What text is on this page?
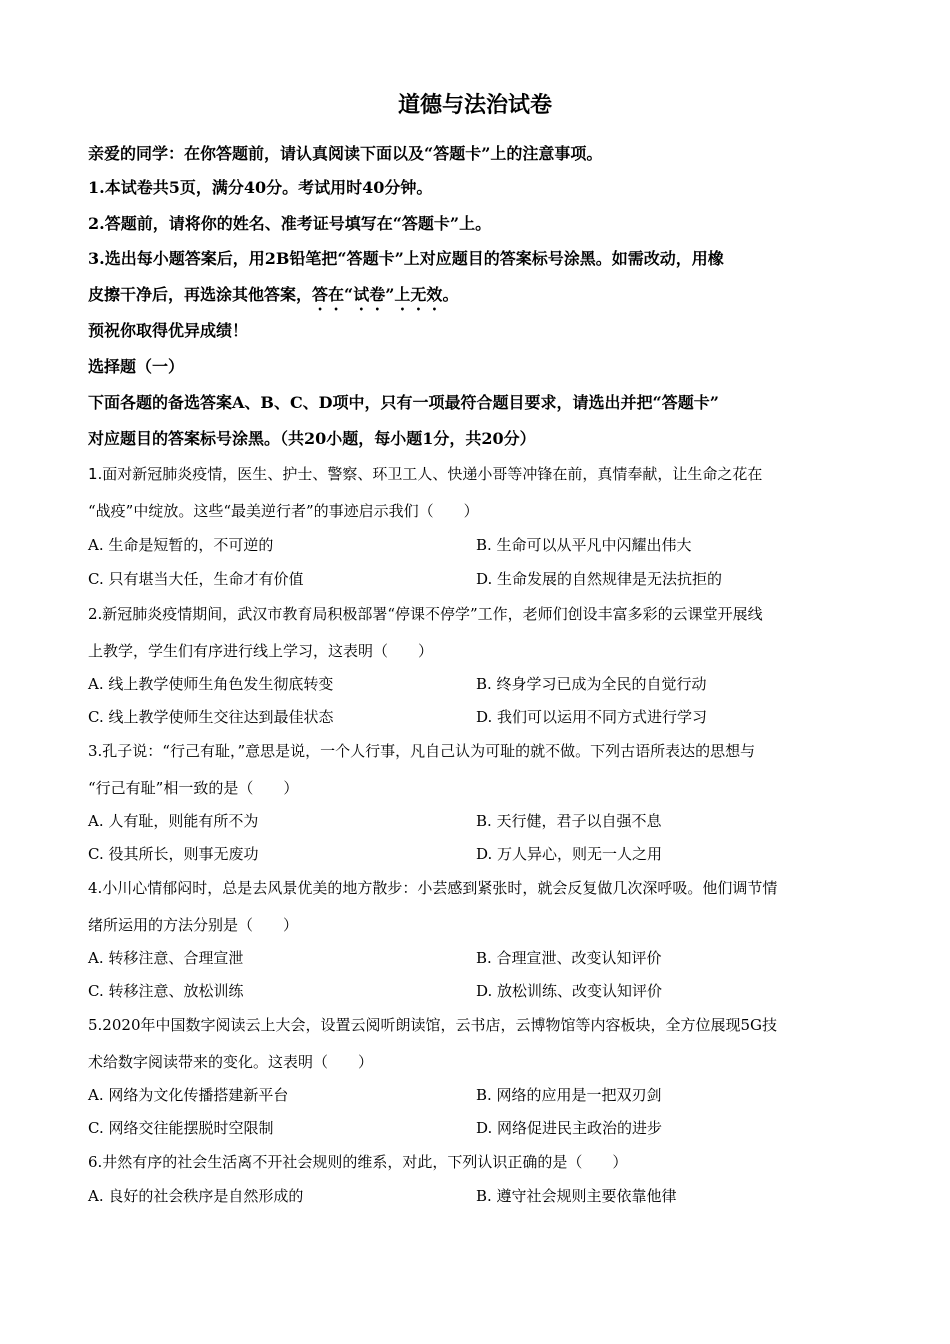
道德与法治试卷
亲爱的同学：在你答题前，请认真阅读下面以及“答题卡”上的注意事项。
1.本试卷共5页，满分40分。考试用时40分钟。
2.答题前，请将你的姓名、准考证号填写在“答题卡”上。
3.选出每小题答案后，用2B铅笔把“答题卡”上对应题目的答案标号涂黑。如需改动，用橡
皮擦干净后，再选涂其他答案，答在“试卷”上无效。
预祝你取得优异成绩！
选择题（一）
下面各题的备选答案A、B、C、D项中，只有一项最符合题目要求，请选出并把“答题卡”
对应题目的答案标号涂黑。（共20小题，每小题1分，共20分）
1.面对新冠肺炎疫情，医生、护士、警察、环卫工人、快递小哥等冲锋在前，真情奉献，让生命之花在
“战疫”中绽放。这些“最美逆行者”的事迹启示我们（　　）
A. 生命是短暂的，不可逆的	B. 生命可以从平凡中闪耀出伟大
C. 只有堪当大任，生命才有价值	D. 生命发展的自然规律是无法抗拒的
2.新冠肺炎疫情期间，武汉市教育局积极部署“停课不停学”工作，老师们创设丰富多彩的云课堂开展线
上教学，学生们有序进行线上学习，这表明（　　）
A. 线上教学使师生角色发生彻底转变	B. 终身学习已成为全民的自觉行动
C. 线上教学使师生交往达到最佳状态	D. 我们可以运用不同方式进行学习
3.孔子说：“行己有耻，”意思是说，一个人行事，凡自己认为可耻的就不做。下列古语所表达的思想与
“行己有耻”相一致的是（　　）
A. 人有耻，则能有所不为	B. 天行健，君子以自强不息
C. 役其所长，则事无废功	D. 万人异心，则无一人之用
4.小川心情郁闷时，总是去风景优美的地方散步：小芸感到紧张时，就会反复做几次深呼吸。他们调节情
绪所运用的方法分别是（　　）
A. 转移注意、合理宣泄	B. 合理宣泄、改变认知评价
C. 转移注意、放松训练	D. 放松训练、改变认知评价
5.2020年中国数字阅读云上大会，设置云阅听朗读馆，云书店，云博物馆等内容板块，全方位展现5G技
术给数字阅读带来的变化。这表明（　　）
A. 网络为文化传播搭建新平台	B. 网络的应用是一把双刃剑
C. 网络交往能摆脱时空限制	D. 网络促进民主政治的进步
6.井然有序的社会生活离不开社会规则的维系，对此，下列认识正确的是（　　）
A. 良好的社会秩序是自然形成的	B. 遵守社会规则主要依靠他律
